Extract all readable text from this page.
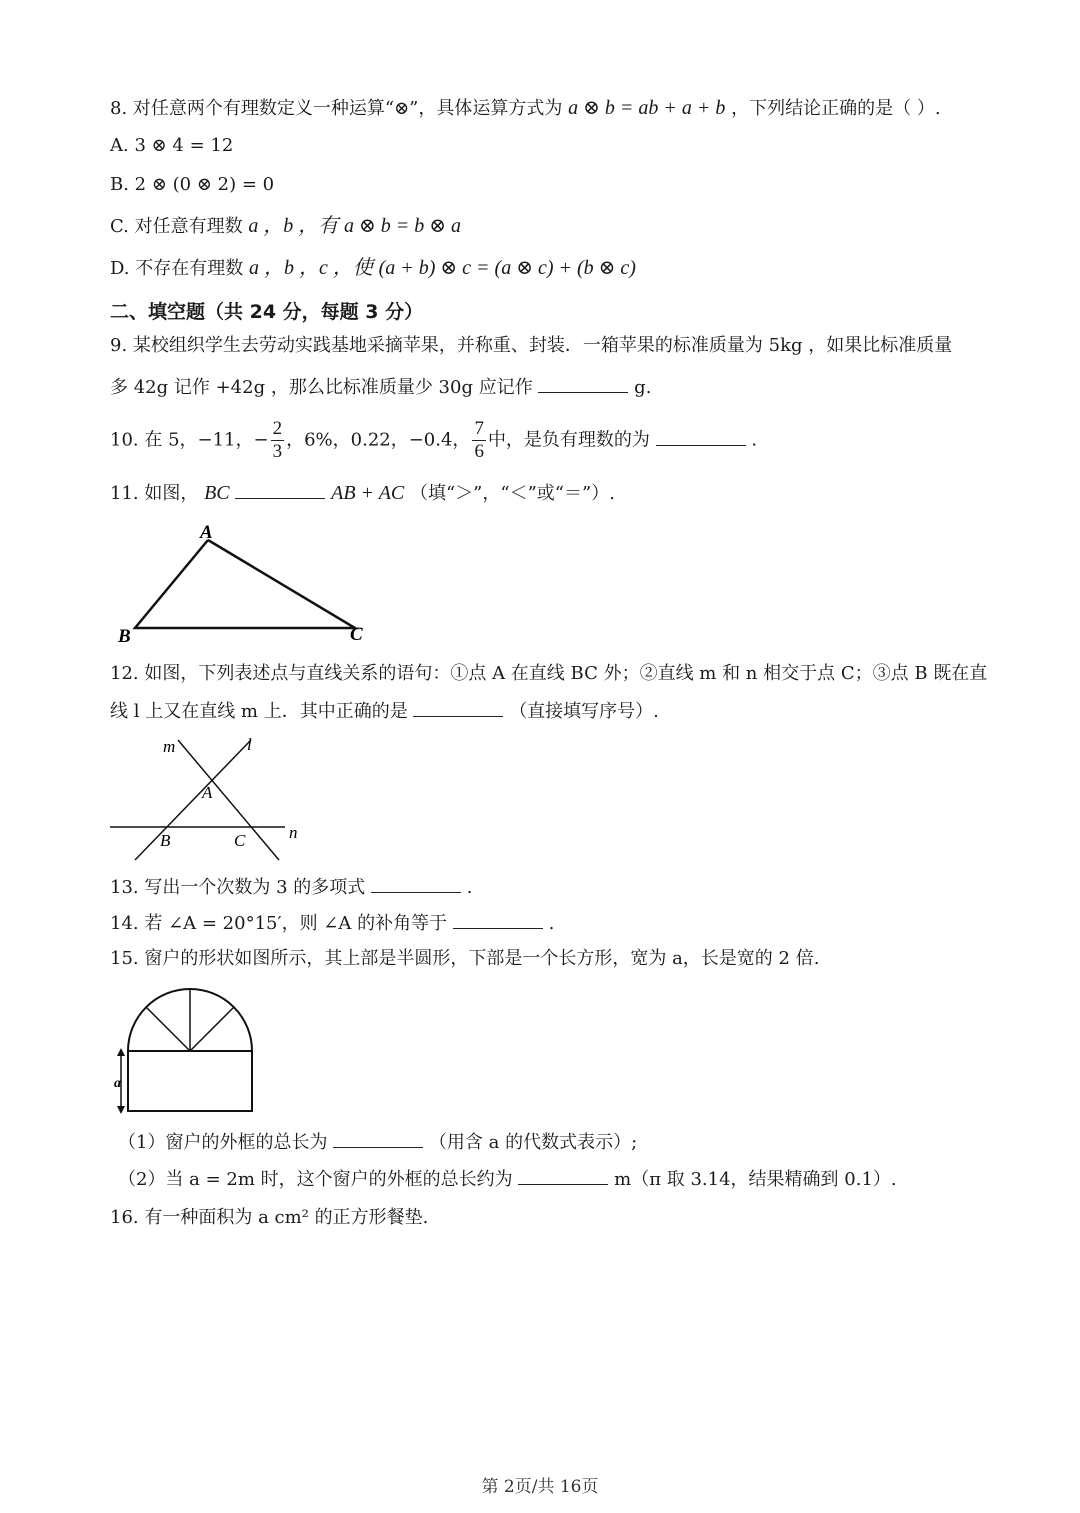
8. 对任意两个有理数定义一种运算“⊗”，具体运算方式为 a ⊗ b = ab + a + b ，下列结论正确的是（ ）.
A. 3 ⊗ 4 = 12
B. 2 ⊗ (0 ⊗ 2) = 0
C. 对任意有理数 a ，b ，有 a ⊗ b = b ⊗ a
D. 不存在有理数 a ，b ，c ，使 (a + b) ⊗ c = (a ⊗ c) + (b ⊗ c)
二、填空题（共 24 分，每题 3 分）
9. 某校组织学生去劳动实践基地采摘苹果，并称重、封装．一箱苹果的标准质量为 5kg ，如果比标准质量
多 42g 记作 +42g ，那么比标准质量少 30g 应记作	g.
10. 在 5，−11，− $\frac{2}{3}$ ，6%，0.22，−0.4̇， $\frac{7}{6}$ 中，是负有理数的为	.
11. 如图， BC	AB + AC （填“＞”，“＜”或“＝”）.
A
B	C
12. 如图，下列表述点与直线关系的语句：①点 A 在直线 BC 外；②直线 m 和 n 相交于点 C；③点 B 既在直
线 l 上又在直线 m 上．其中正确的是	（直接填写序号）.
m	l
A
B	C	n
13. 写出一个次数为 3 的多项式	.
14. 若 ∠A = 20°15′，则 ∠A 的补角等于	.
15. 窗户的形状如图所示，其上部是半圆形，下部是一个长方形，宽为 a，长是宽的 2 倍.
a
（1）窗户的外框的总长为	（用含 a 的代数式表示）;
（2）当 a = 2m 时，这个窗户的外框的总长约为	m（π 取 3.14，结果精确到 0.1）.
16. 有一种面积为 a cm² 的正方形餐垫.
第 2页/共 16页
